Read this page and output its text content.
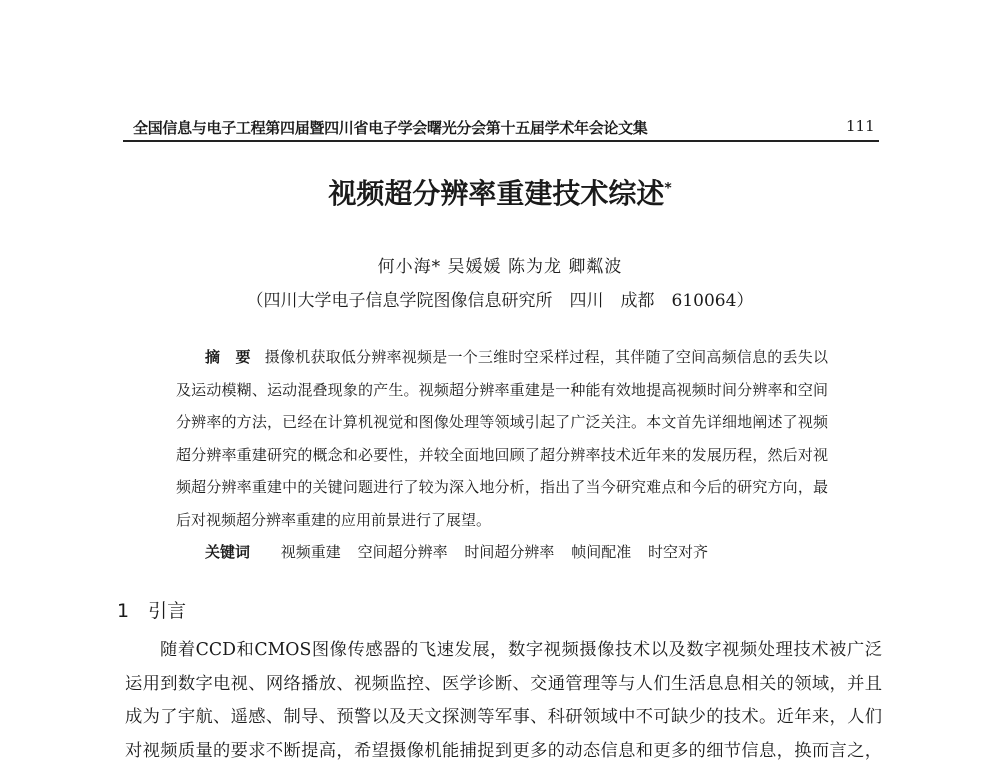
全国信息与电子工程第四届暨四川省电子学会曙光分会第十五届学术年会论文集	111
视频超分辨率重建技术综述*
何小海* 吴媛媛 陈为龙 卿粼波
（四川大学电子信息学院图像信息研究所　四川　成都　610064）
摘　要 摄像机获取低分辨率视频是一个三维时空采样过程，其伴随了空间高频信息的丢失以
及运动模糊、运动混叠现象的产生。视频超分辨率重建是一种能有效地提高视频时间分辨率和空间
分辨率的方法，已经在计算机视觉和图像处理等领域引起了广泛关注。本文首先详细地阐述了视频
超分辨率重建研究的概念和必要性，并较全面地回顾了超分辨率技术近年来的发展历程，然后对视
频超分辨率重建中的关键问题进行了较为深入地分析，指出了当今研究难点和今后的研究方向，最
后对视频超分辨率重建的应用前景进行了展望。
关键词 视频重建 空间超分辨率 时间超分辨率 帧间配准 时空对齐
1　引言
随着CCD和CMOS图像传感器的飞速发展，数字视频摄像技术以及数字视频处理技术被广泛
运用到数字电视、网络播放、视频监控、医学诊断、交通管理等与人们生活息息相关的领域，并且
成为了宇航、遥感、制导、预警以及天文探测等军事、科研领域中不可缺少的技术。近年来，人们
对视频质量的要求不断提高，希望摄像机能捕捉到更多的动态信息和更多的细节信息，换而言之，
